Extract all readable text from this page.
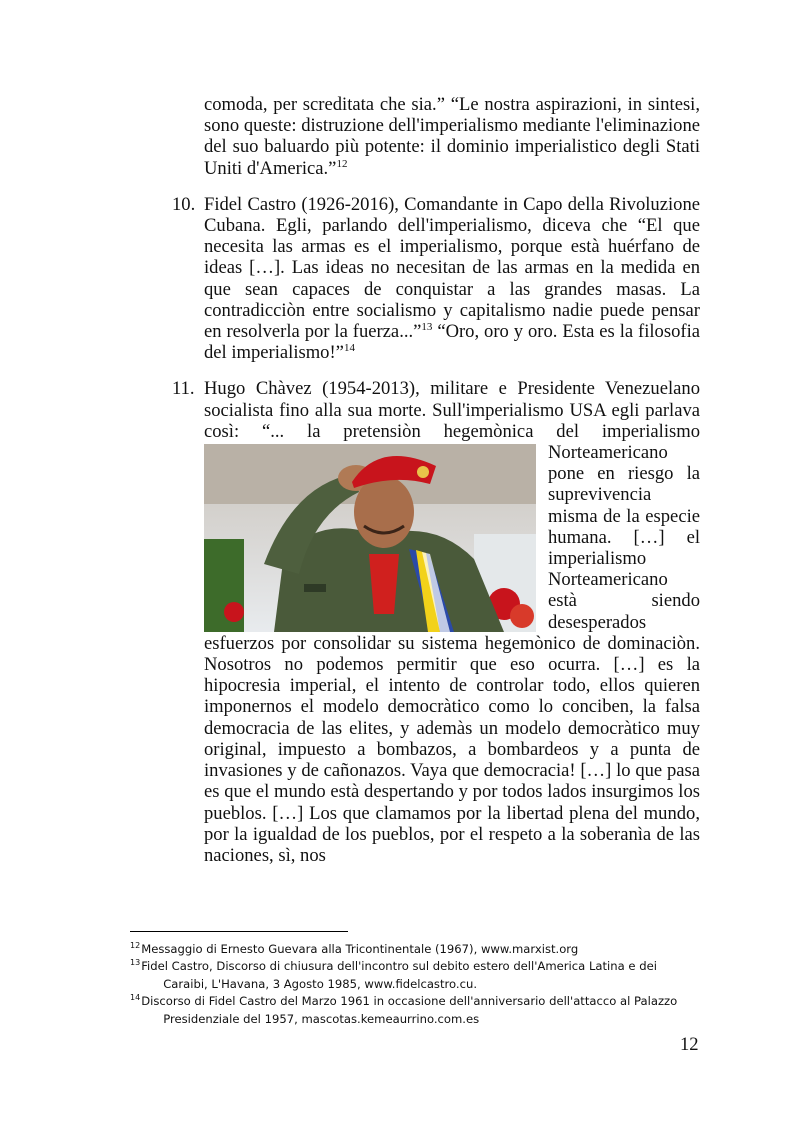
comoda, per screditata che sia.” “Le nostra aspirazioni, in sintesi, sono queste: distruzione dell'imperialismo mediante l'eliminazione del suo baluardo più potente: il dominio imperialistico degli Stati Uniti d'America.”$^{12}$

10. Fidel Castro (1926-2016), Comandante in Capo della Rivoluzione Cubana. Egli, parlando dell'imperialismo, diceva che “El que necesita las armas es el imperialismo, porque està huérfano de ideas […]. Las ideas no necesitan de las armas en la medida en que sean capaces de conquistar a las grandes masas. La contradicciòn entre socialismo y capitalismo nadie puede pensar en resolverla por la fuerza...”$^{13}$ “Oro, oro y oro. Esta es la filosofia del imperialismo!”$^{14}$
11. Hugo Chàvez (1954-2013), militare e Presidente Venezuelano socialista fino alla sua morte. Sull'imperialismo USA egli parlava così: “... la pretensiòn hegemònica del imperialismo
Norteamericano pone en riesgo la suprevivencia misma de la especie humana. […] el imperialismo Norteamericano està siendo desesperados esfuerzos por consolidar su sistema hegemònico de dominaciòn. Nosotros no podemos permitir que eso ocurra. […] es la hipocresia imperial, el intento de controlar todo, ellos quieren imponernos el modelo democràtico como lo conciben, la falsa democracia de las elites, y ademàs un modelo democràtico muy original, impuesto a bombazos, a bombardeos y a punta de invasiones y de cañonazos. Vaya que democracia! […] lo que pasa es que el mundo està despertando y por todos lados insurgimos los pueblos. […] Los que clamamos por la libertad plena del mundo, por la igualdad de los pueblos, por el respeto a la soberanìa de las naciones, sì, nos
12 Messaggio di Ernesto Guevara alla Tricontinentale (1967), www.marxist.org
13 Fidel Castro, Discorso di chiusura dell'incontro sul debito estero dell'America Latina e dei
Caraibi, L'Havana, 3 Agosto 1985, www.fidelcastro.cu.
14 Discorso di Fidel Castro del Marzo 1961 in occasione dell'anniversario dell'attacco al Palazzo
Presidenziale del 1957, mascotas.kemeaurrino.com.es
12
